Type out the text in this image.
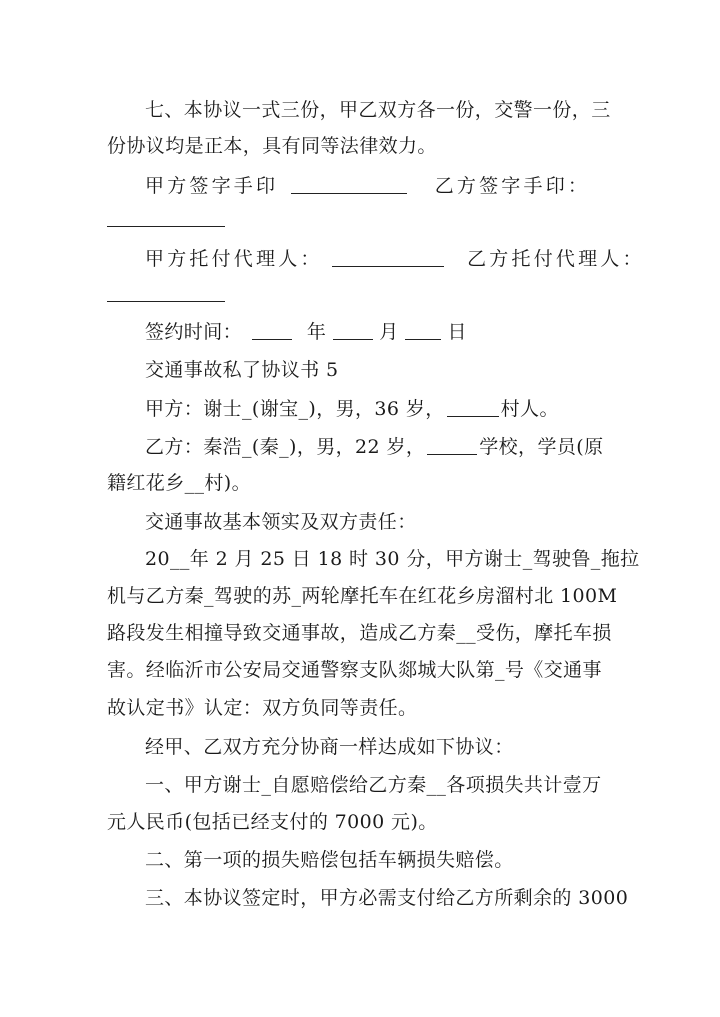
七、本协议一式三份，甲乙双方各一份，交警一份，三
份协议均是正本，具有同等法律效力。
甲方签字手印	乙方签字手印：
甲方托付代理人：	乙方托付代理人：
签约时间：	年	月	日
交通事故私了协议书 5
甲方：谢士_(谢宝_)，男，36 岁，	村人。
乙方：秦浩_(秦_)，男，22 岁，	学校，学员(原
籍红花乡__村)。
交通事故基本领实及双方责任：
20__年 2 月 25 日 18 时 30 分，甲方谢士_驾驶鲁_拖拉
机与乙方秦_驾驶的苏_两轮摩托车在红花乡房溜村北 100M
路段发生相撞导致交通事故，造成乙方秦__受伤，摩托车损
害。经临沂市公安局交通警察支队郯城大队第_号《交通事
故认定书》认定：双方负同等责任。
经甲、乙双方充分协商一样达成如下协议：
一、甲方谢士_自愿赔偿给乙方秦__各项损失共计壹万
元人民币(包括已经支付的 7000 元)。
二、第一项的损失赔偿包括车辆损失赔偿。
三、本协议签定时，甲方必需支付给乙方所剩余的 3000
